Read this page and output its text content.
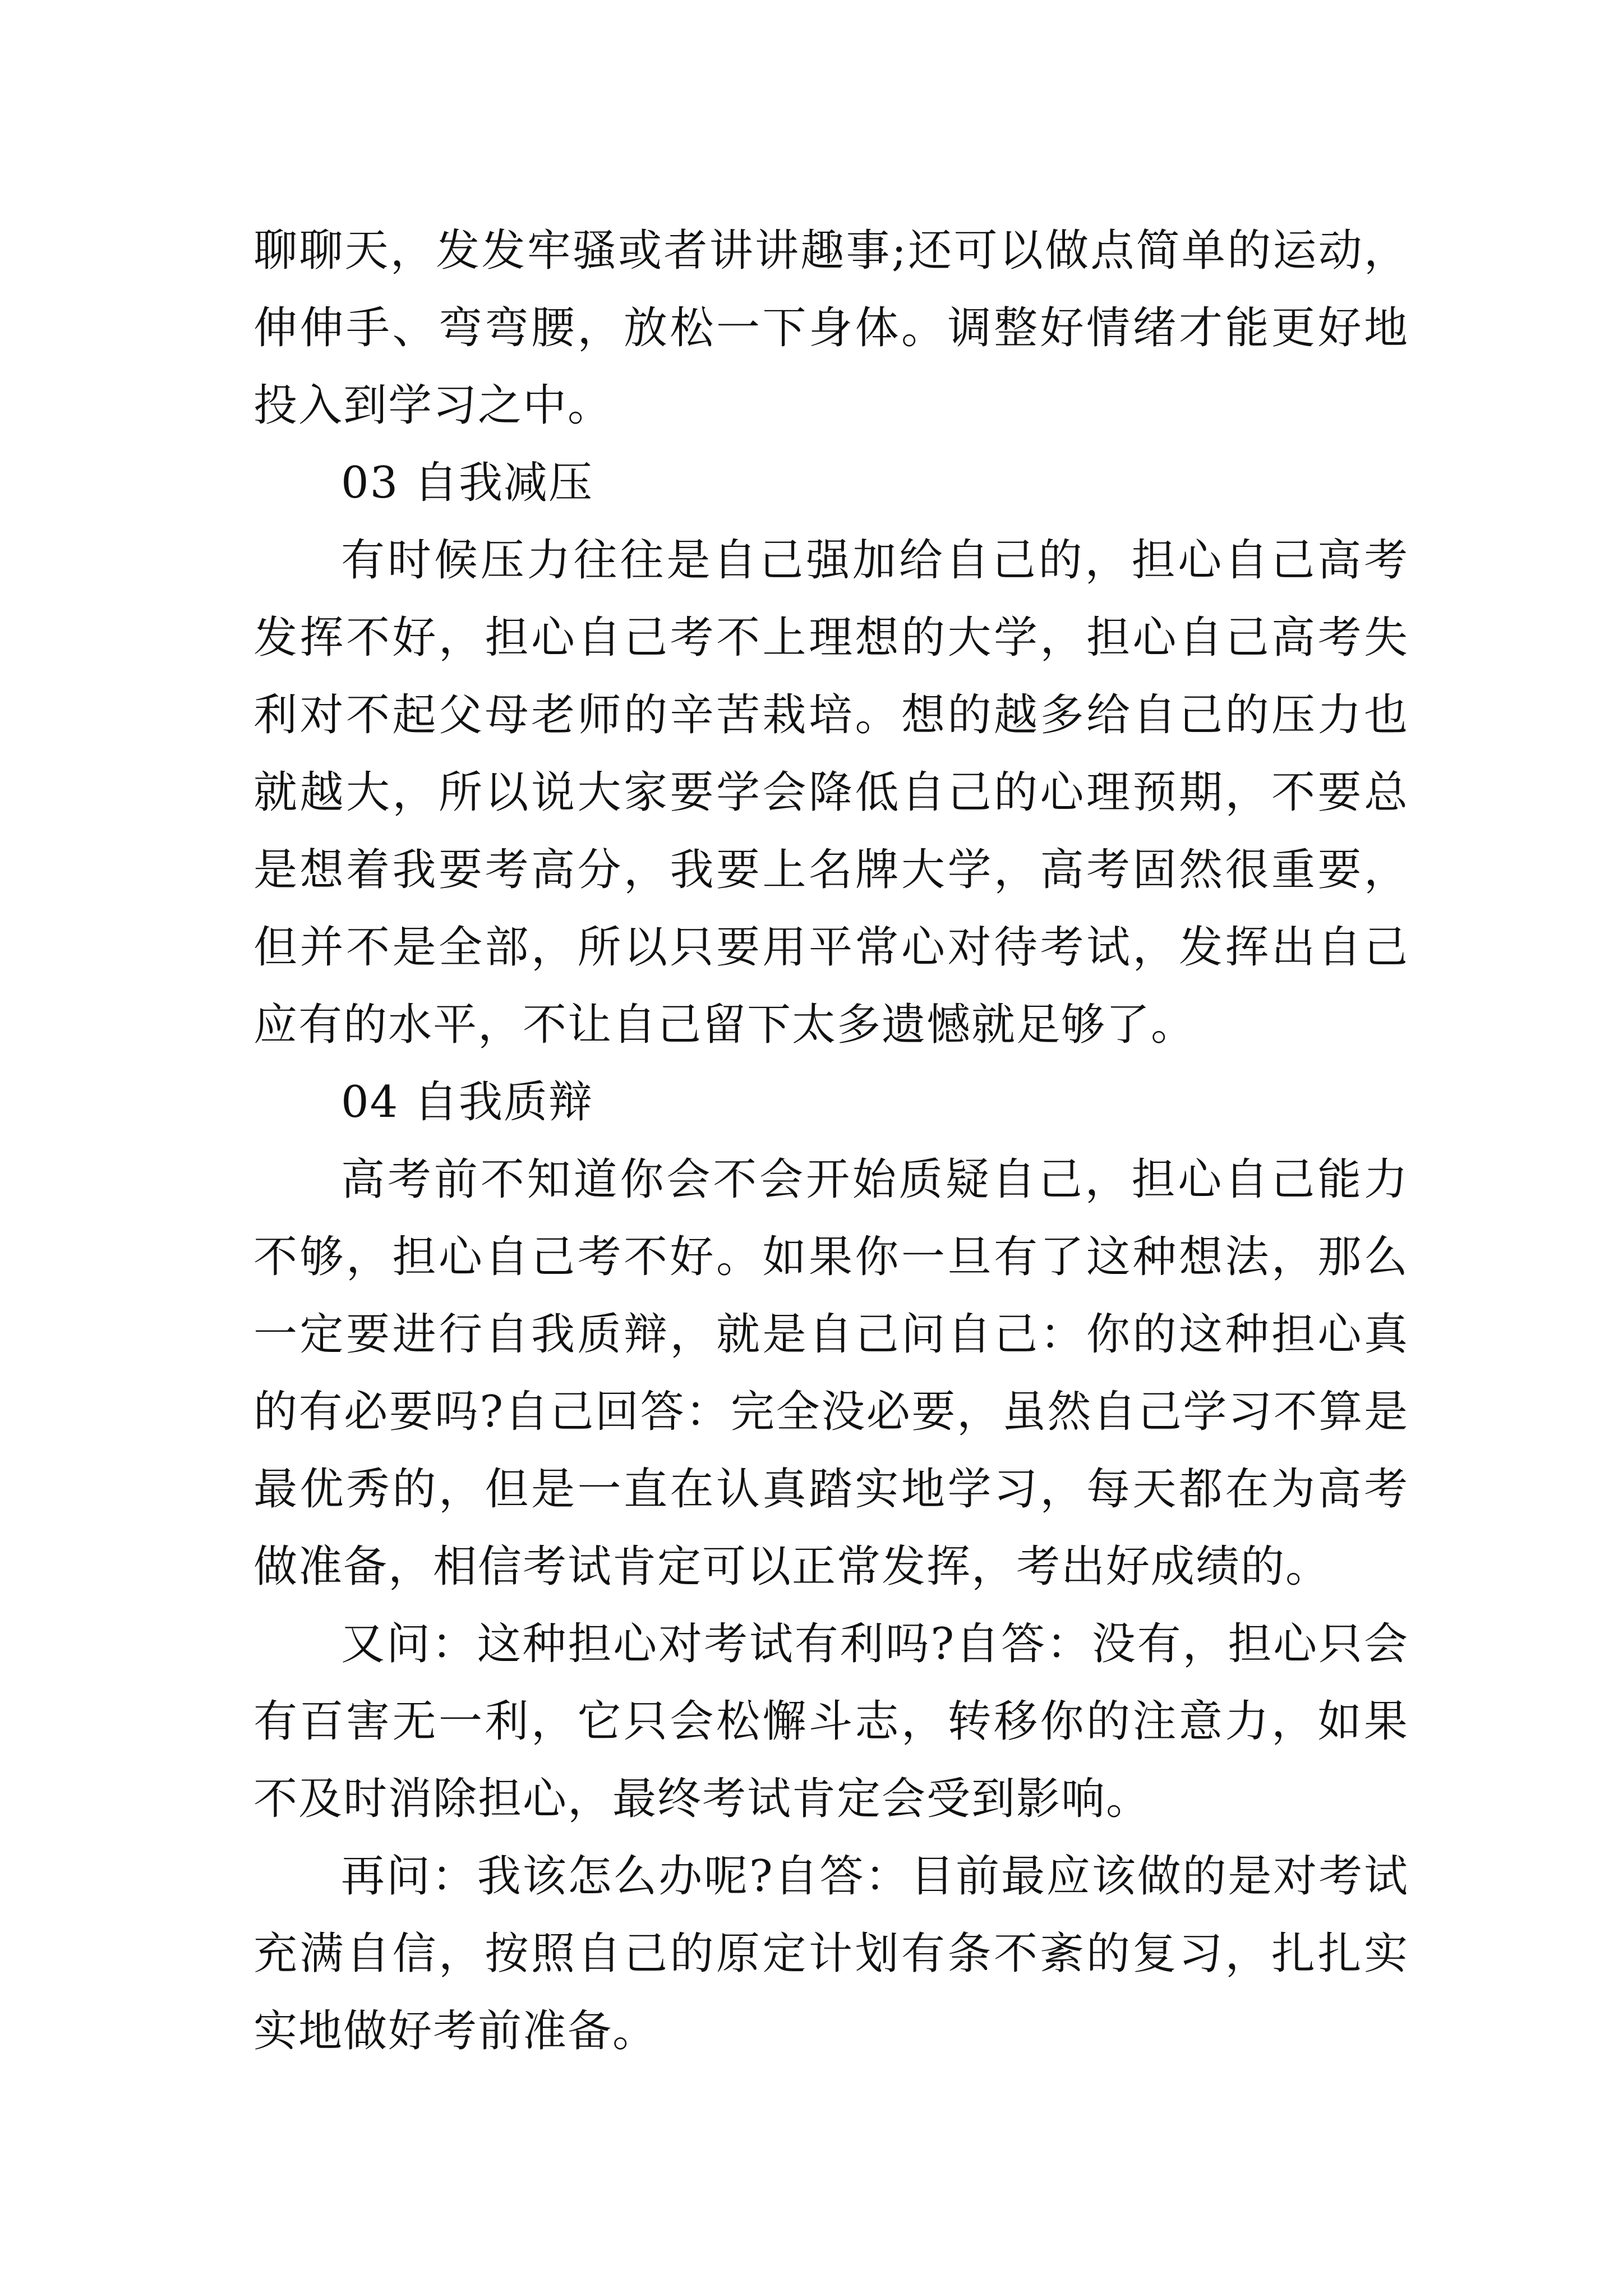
聊聊天，发发牢骚或者讲讲趣事;还可以做点简单的运动，伸伸手、弯弯腰，放松一下身体。调整好情绪才能更好地投入到学习之中。

03 自我减压

有时候压力往往是自己强加给自己的，担心自己高考发挥不好，担心自己考不上理想的大学，担心自己高考失利对不起父母老师的辛苦栽培。想的越多给自己的压力也就越大，所以说大家要学会降低自己的心理预期，不要总是想着我要考高分，我要上名牌大学，高考固然很重要，但并不是全部，所以只要用平常心对待考试，发挥出自己应有的水平，不让自己留下太多遗憾就足够了。

04 自我质辩

高考前不知道你会不会开始质疑自己，担心自己能力不够，担心自己考不好。如果你一旦有了这种想法，那么一定要进行自我质辩，就是自己问自己：你的这种担心真的有必要吗?自己回答：完全没必要，虽然自己学习不算是最优秀的，但是一直在认真踏实地学习，每天都在为高考做准备，相信考试肯定可以正常发挥，考出好成绩的。

又问：这种担心对考试有利吗?自答：没有，担心只会有百害无一利，它只会松懈斗志，转移你的注意力，如果不及时消除担心，最终考试肯定会受到影响。

再问：我该怎么办呢?自答：目前最应该做的是对考试充满自信，按照自己的原定计划有条不紊的复习，扎扎实实地做好考前准备。
